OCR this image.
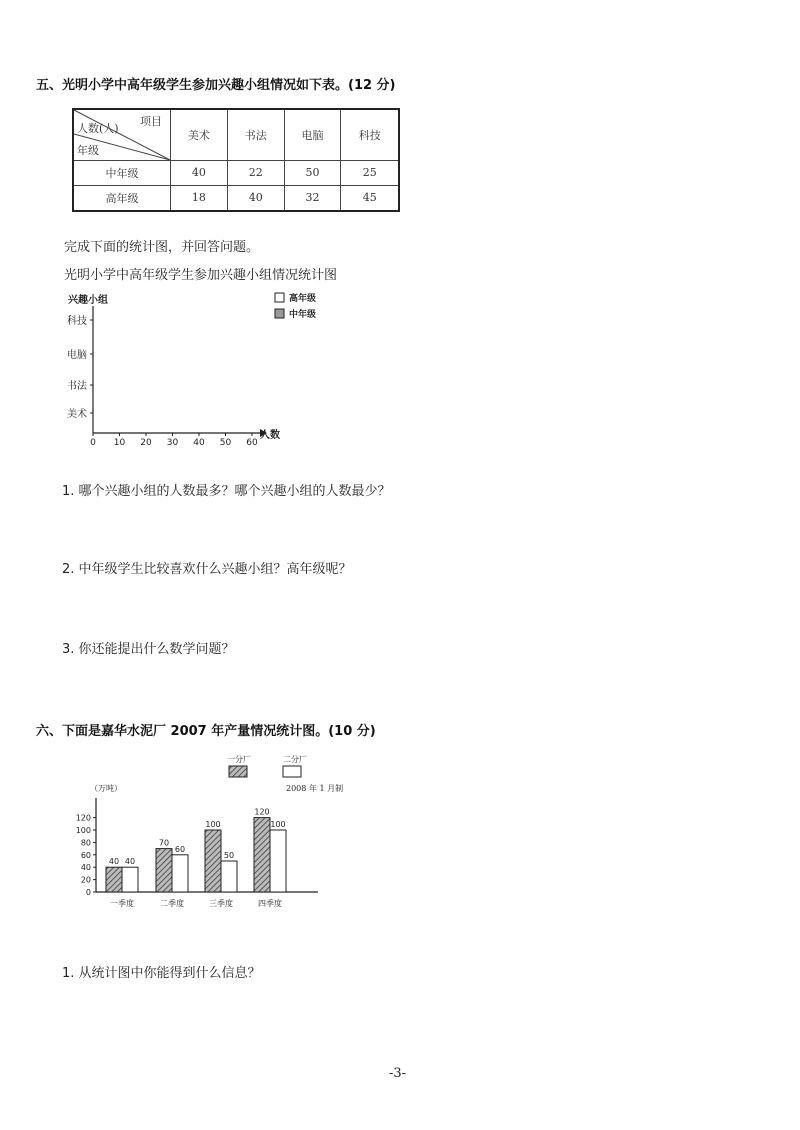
五、光明小学中高年级学生参加兴趣小组情况如下表。(12 分)
项目
人数(人)
年级	美术	书法	电脑	科技
中年级	40	22	50	25
高年级	18	40	32	45
完成下面的统计图，并回答问题。
光明小学中高年级学生参加兴趣小组情况统计图
兴趣小组
人数
美术
书法
电脑
科技
0 10 20 30 40 50 60
高年级
中年级
1. 哪个兴趣小组的人数最多？哪个兴趣小组的人数最少？
2. 中年级学生比较喜欢什么兴趣小组？高年级呢？
3. 你还能提出什么数学问题？
六、下面是嘉华水泥厂 2007 年产量情况统计图。(10 分)
（万吨）
一分厂	二分厂
2008 年 1 月制
0
20
40
60
80
100
120
40 40
70
60
100
50
120
100
一季度	二季度	三季度	四季度
1. 从统计图中你能得到什么信息？
-3-
